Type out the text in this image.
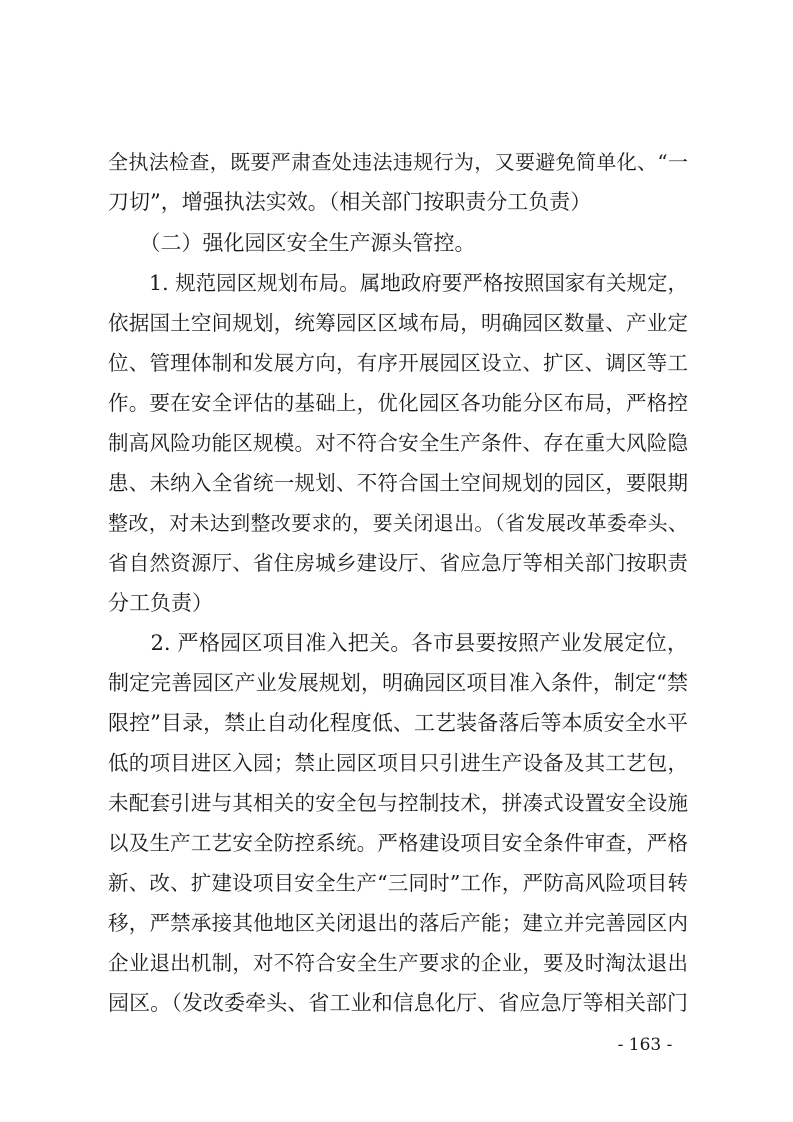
全执法检查，既要严肃查处违法违规行为，又要避免简单化、“一
刀切”，增强执法实效。（相关部门按职责分工负责）
　　（二）强化园区安全生产源头管控。
　　1. 规范园区规划布局。属地政府要严格按照国家有关规定，
依据国土空间规划，统筹园区区域布局，明确园区数量、产业定
位、管理体制和发展方向，有序开展园区设立、扩区、调区等工
作。要在安全评估的基础上，优化园区各功能分区布局，严格控
制高风险功能区规模。对不符合安全生产条件、存在重大风险隐
患、未纳入全省统一规划、不符合国土空间规划的园区，要限期
整改，对未达到整改要求的，要关闭退出。（省发展改革委牵头、
省自然资源厅、省住房城乡建设厅、省应急厅等相关部门按职责
分工负责）
　　2. 严格园区项目准入把关。各市县要按照产业发展定位，
制定完善园区产业发展规划，明确园区项目准入条件，制定“禁
限控”目录，禁止自动化程度低、工艺装备落后等本质安全水平
低的项目进区入园；禁止园区项目只引进生产设备及其工艺包，
未配套引进与其相关的安全包与控制技术，拼凑式设置安全设施
以及生产工艺安全防控系统。严格建设项目安全条件审查，严格
新、改、扩建设项目安全生产“三同时”工作，严防高风险项目转
移，严禁承接其他地区关闭退出的落后产能；建立并完善园区内
企业退出机制，对不符合安全生产要求的企业，要及时淘汰退出
园区。（发改委牵头、省工业和信息化厅、省应急厅等相关部门
- 163 -
